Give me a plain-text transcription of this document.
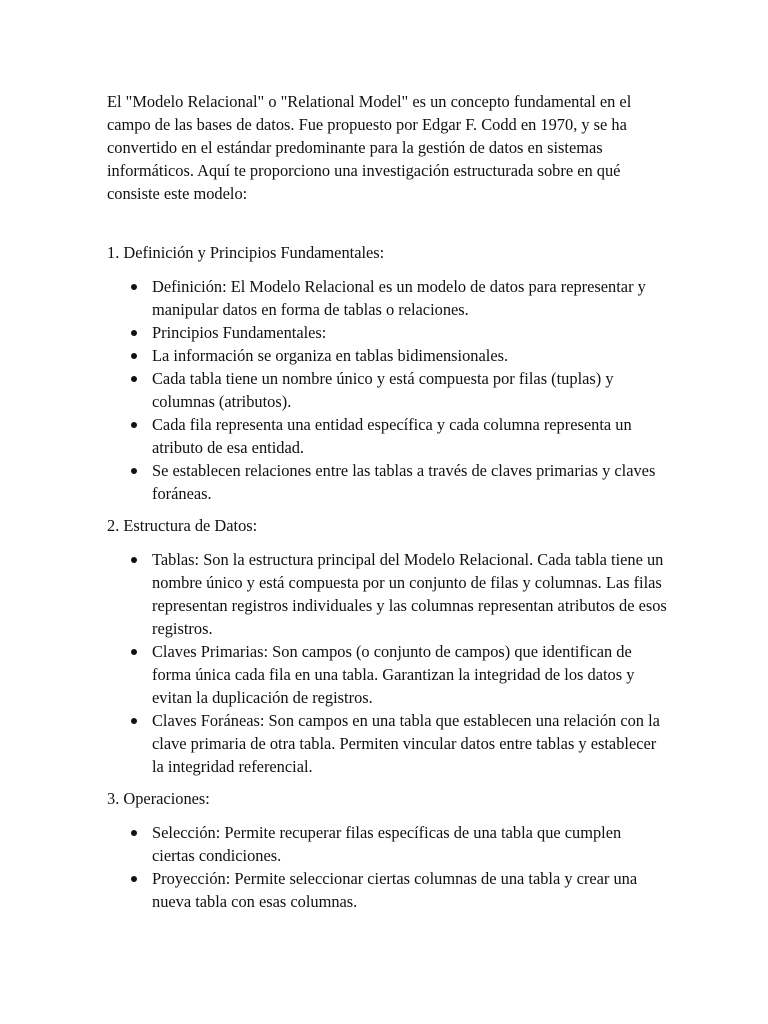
El "Modelo Relacional" o "Relational Model" es un concepto fundamental en el campo de las bases de datos. Fue propuesto por Edgar F. Codd en 1970, y se ha convertido en el estándar predominante para la gestión de datos en sistemas informáticos. Aquí te proporciono una investigación estructurada sobre en qué consiste este modelo:

1. Definición y Principios Fundamentales:

Definición: El Modelo Relacional es un modelo de datos para representar y manipular datos en forma de tablas o relaciones.
Principios Fundamentales:
La información se organiza en tablas bidimensionales.
Cada tabla tiene un nombre único y está compuesta por filas (tuplas) y columnas (atributos).
Cada fila representa una entidad específica y cada columna representa un atributo de esa entidad.
Se establecen relaciones entre las tablas a través de claves primarias y claves foráneas.

2. Estructura de Datos:

Tablas: Son la estructura principal del Modelo Relacional. Cada tabla tiene un nombre único y está compuesta por un conjunto de filas y columnas. Las filas representan registros individuales y las columnas representan atributos de esos registros.
Claves Primarias: Son campos (o conjunto de campos) que identifican de forma única cada fila en una tabla. Garantizan la integridad de los datos y evitan la duplicación de registros.
Claves Foráneas: Son campos en una tabla que establecen una relación con la clave primaria de otra tabla. Permiten vincular datos entre tablas y establecer la integridad referencial.

3. Operaciones:

Selección: Permite recuperar filas específicas de una tabla que cumplen ciertas condiciones.
Proyección: Permite seleccionar ciertas columnas de una tabla y crear una nueva tabla con esas columnas.
